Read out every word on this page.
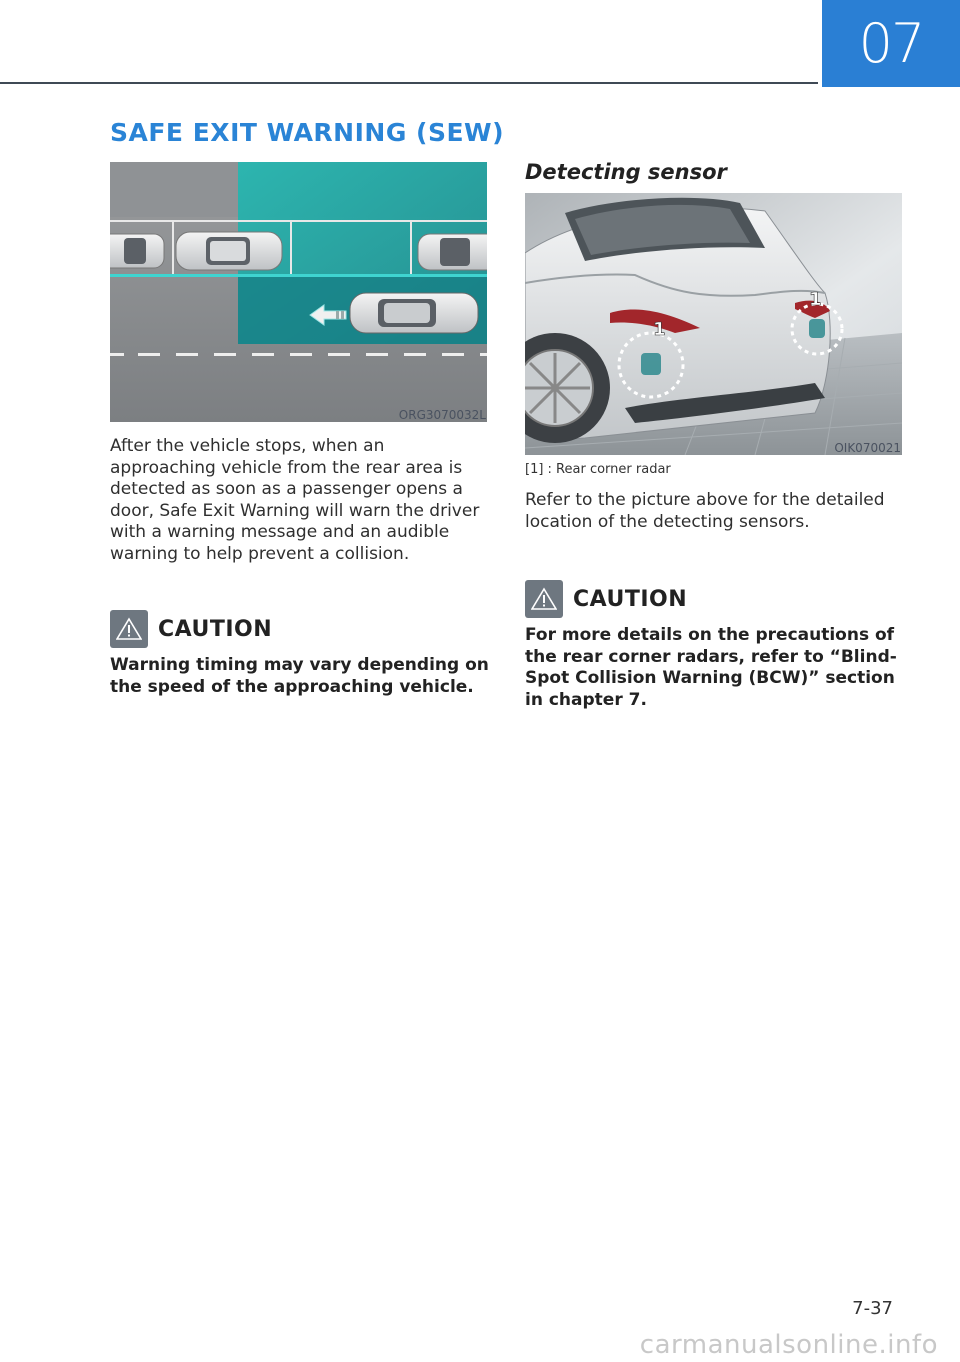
07
SAFE EXIT WARNING (SEW)
ORG3070032L

After the vehicle stops, when an approaching vehicle from the rear area is detected as soon as a passenger opens a door, Safe Exit Warning will warn the driver with a warning message and an audible warning to help prevent a collision.

CAUTION

Warning timing may vary depending on the speed of the approaching vehicle.

Detecting sensor
1
1
OIK070021
[1] : Rear corner radar

Refer to the picture above for the detailed location of the detecting sensors.

CAUTION

For more details on the precautions of the rear corner radars, refer to “Blind-Spot Collision Warning (BCW)” section in chapter 7.

7-37
carmanualsonline.info
